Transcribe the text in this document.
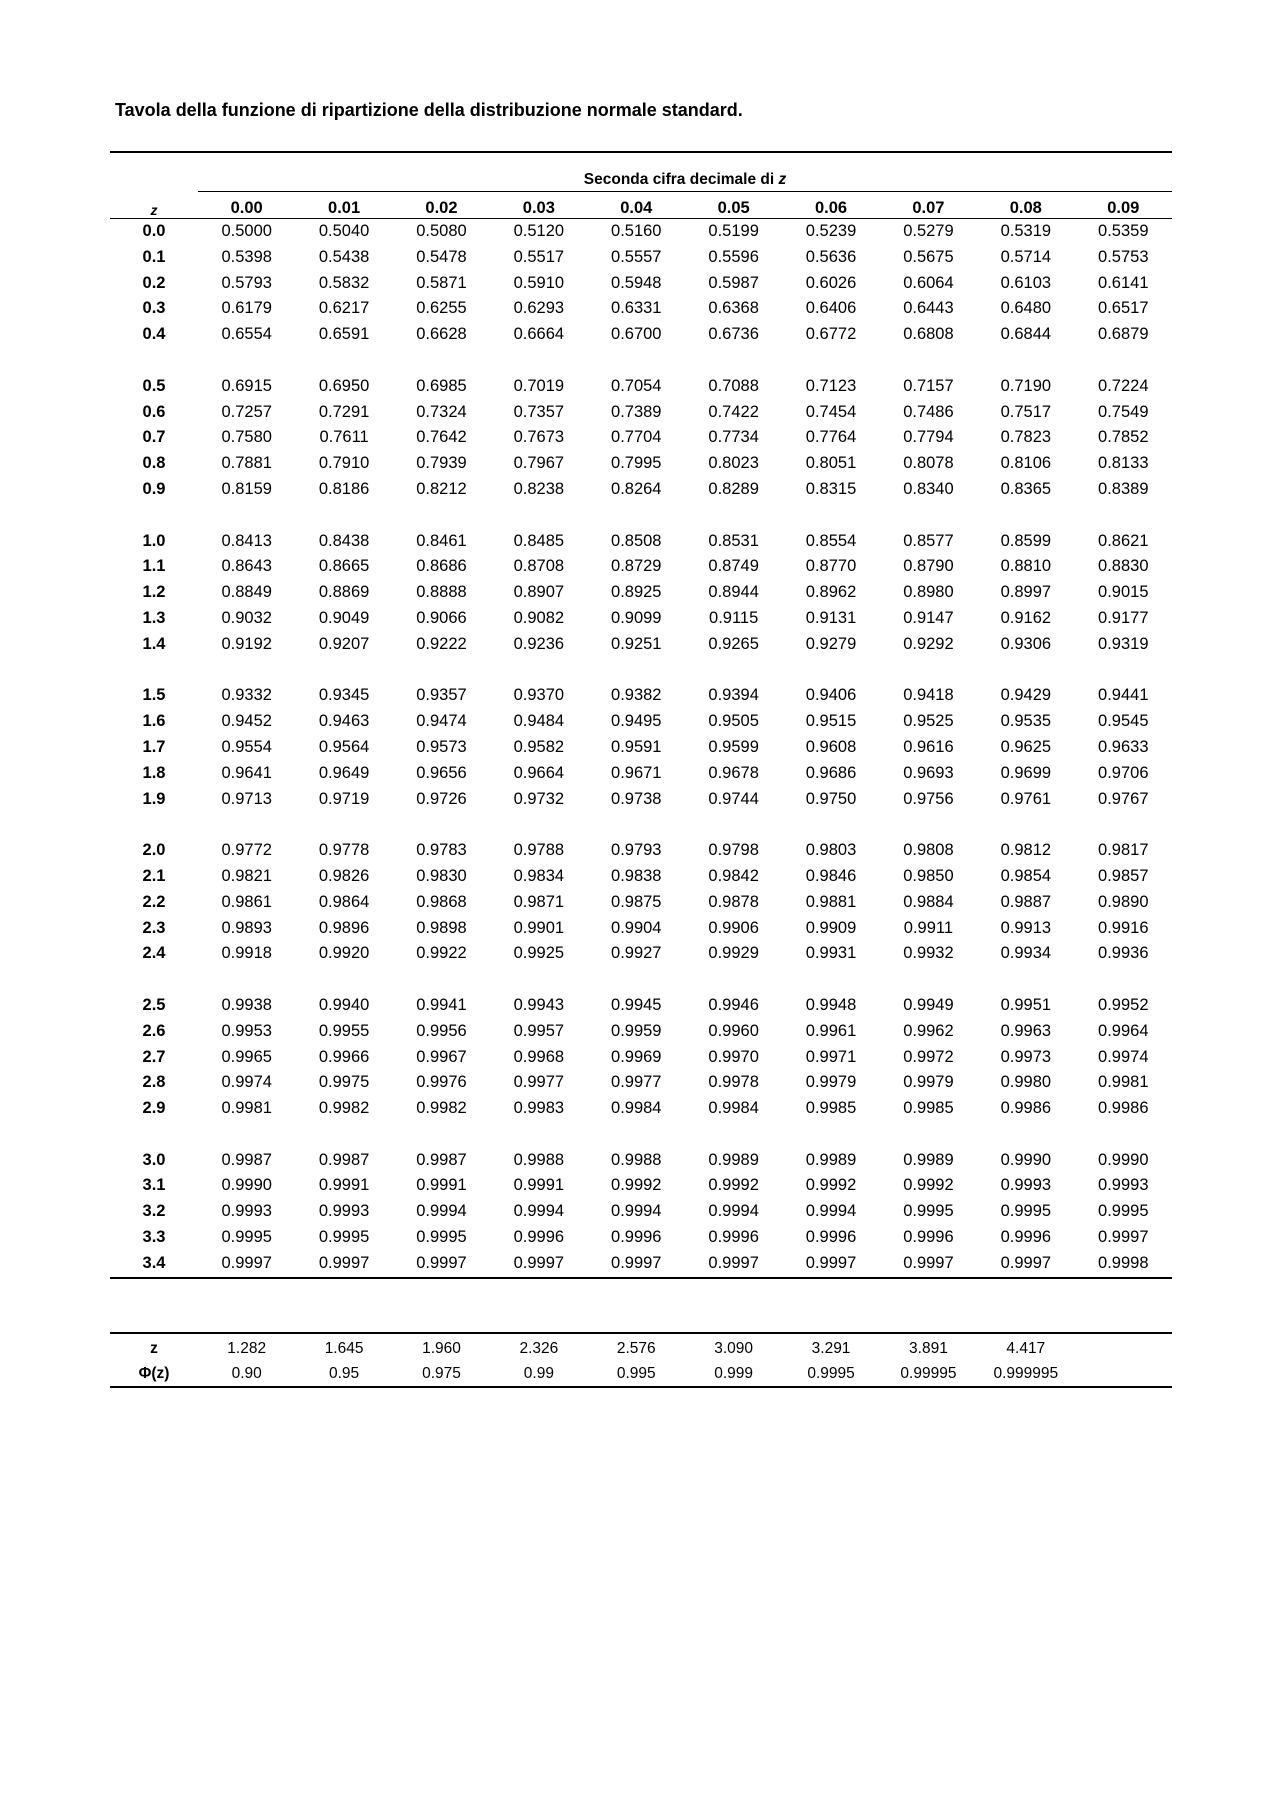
Tavola della funzione di ripartizione della distribuzione normale standard.
	Seconda cifra decimale di z									
z	0.00	0.01	0.02	0.03	0.04	0.05	0.06	0.07	0.08	0.09
0.0	0.5000	0.5040	0.5080	0.5120	0.5160	0.5199	0.5239	0.5279	0.5319	0.5359
0.1	0.5398	0.5438	0.5478	0.5517	0.5557	0.5596	0.5636	0.5675	0.5714	0.5753
0.2	0.5793	0.5832	0.5871	0.5910	0.5948	0.5987	0.6026	0.6064	0.6103	0.6141
0.3	0.6179	0.6217	0.6255	0.6293	0.6331	0.6368	0.6406	0.6443	0.6480	0.6517
0.4	0.6554	0.6591	0.6628	0.6664	0.6700	0.6736	0.6772	0.6808	0.6844	0.6879

0.5	0.6915	0.6950	0.6985	0.7019	0.7054	0.7088	0.7123	0.7157	0.7190	0.7224
0.6	0.7257	0.7291	0.7324	0.7357	0.7389	0.7422	0.7454	0.7486	0.7517	0.7549
0.7	0.7580	0.7611	0.7642	0.7673	0.7704	0.7734	0.7764	0.7794	0.7823	0.7852
0.8	0.7881	0.7910	0.7939	0.7967	0.7995	0.8023	0.8051	0.8078	0.8106	0.8133
0.9	0.8159	0.8186	0.8212	0.8238	0.8264	0.8289	0.8315	0.8340	0.8365	0.8389

1.0	0.8413	0.8438	0.8461	0.8485	0.8508	0.8531	0.8554	0.8577	0.8599	0.8621
1.1	0.8643	0.8665	0.8686	0.8708	0.8729	0.8749	0.8770	0.8790	0.8810	0.8830
1.2	0.8849	0.8869	0.8888	0.8907	0.8925	0.8944	0.8962	0.8980	0.8997	0.9015
1.3	0.9032	0.9049	0.9066	0.9082	0.9099	0.9115	0.9131	0.9147	0.9162	0.9177
1.4	0.9192	0.9207	0.9222	0.9236	0.9251	0.9265	0.9279	0.9292	0.9306	0.9319

1.5	0.9332	0.9345	0.9357	0.9370	0.9382	0.9394	0.9406	0.9418	0.9429	0.9441
1.6	0.9452	0.9463	0.9474	0.9484	0.9495	0.9505	0.9515	0.9525	0.9535	0.9545
1.7	0.9554	0.9564	0.9573	0.9582	0.9591	0.9599	0.9608	0.9616	0.9625	0.9633
1.8	0.9641	0.9649	0.9656	0.9664	0.9671	0.9678	0.9686	0.9693	0.9699	0.9706
1.9	0.9713	0.9719	0.9726	0.9732	0.9738	0.9744	0.9750	0.9756	0.9761	0.9767

2.0	0.9772	0.9778	0.9783	0.9788	0.9793	0.9798	0.9803	0.9808	0.9812	0.9817
2.1	0.9821	0.9826	0.9830	0.9834	0.9838	0.9842	0.9846	0.9850	0.9854	0.9857
2.2	0.9861	0.9864	0.9868	0.9871	0.9875	0.9878	0.9881	0.9884	0.9887	0.9890
2.3	0.9893	0.9896	0.9898	0.9901	0.9904	0.9906	0.9909	0.9911	0.9913	0.9916
2.4	0.9918	0.9920	0.9922	0.9925	0.9927	0.9929	0.9931	0.9932	0.9934	0.9936

2.5	0.9938	0.9940	0.9941	0.9943	0.9945	0.9946	0.9948	0.9949	0.9951	0.9952
2.6	0.9953	0.9955	0.9956	0.9957	0.9959	0.9960	0.9961	0.9962	0.9963	0.9964
2.7	0.9965	0.9966	0.9967	0.9968	0.9969	0.9970	0.9971	0.9972	0.9973	0.9974
2.8	0.9974	0.9975	0.9976	0.9977	0.9977	0.9978	0.9979	0.9979	0.9980	0.9981
2.9	0.9981	0.9982	0.9982	0.9983	0.9984	0.9984	0.9985	0.9985	0.9986	0.9986

3.0	0.9987	0.9987	0.9987	0.9988	0.9988	0.9989	0.9989	0.9989	0.9990	0.9990
3.1	0.9990	0.9991	0.9991	0.9991	0.9992	0.9992	0.9992	0.9992	0.9993	0.9993
3.2	0.9993	0.9993	0.9994	0.9994	0.9994	0.9994	0.9994	0.9995	0.9995	0.9995
3.3	0.9995	0.9995	0.9995	0.9996	0.9996	0.9996	0.9996	0.9996	0.9996	0.9997
3.4	0.9997	0.9997	0.9997	0.9997	0.9997	0.9997	0.9997	0.9997	0.9997	0.9998
z	1.282	1.645	1.960	2.326	2.576	3.090	3.291	3.891	4.417	
Φ(z)	0.90	0.95	0.975	0.99	0.995	0.999	0.9995	0.99995	0.999995	
